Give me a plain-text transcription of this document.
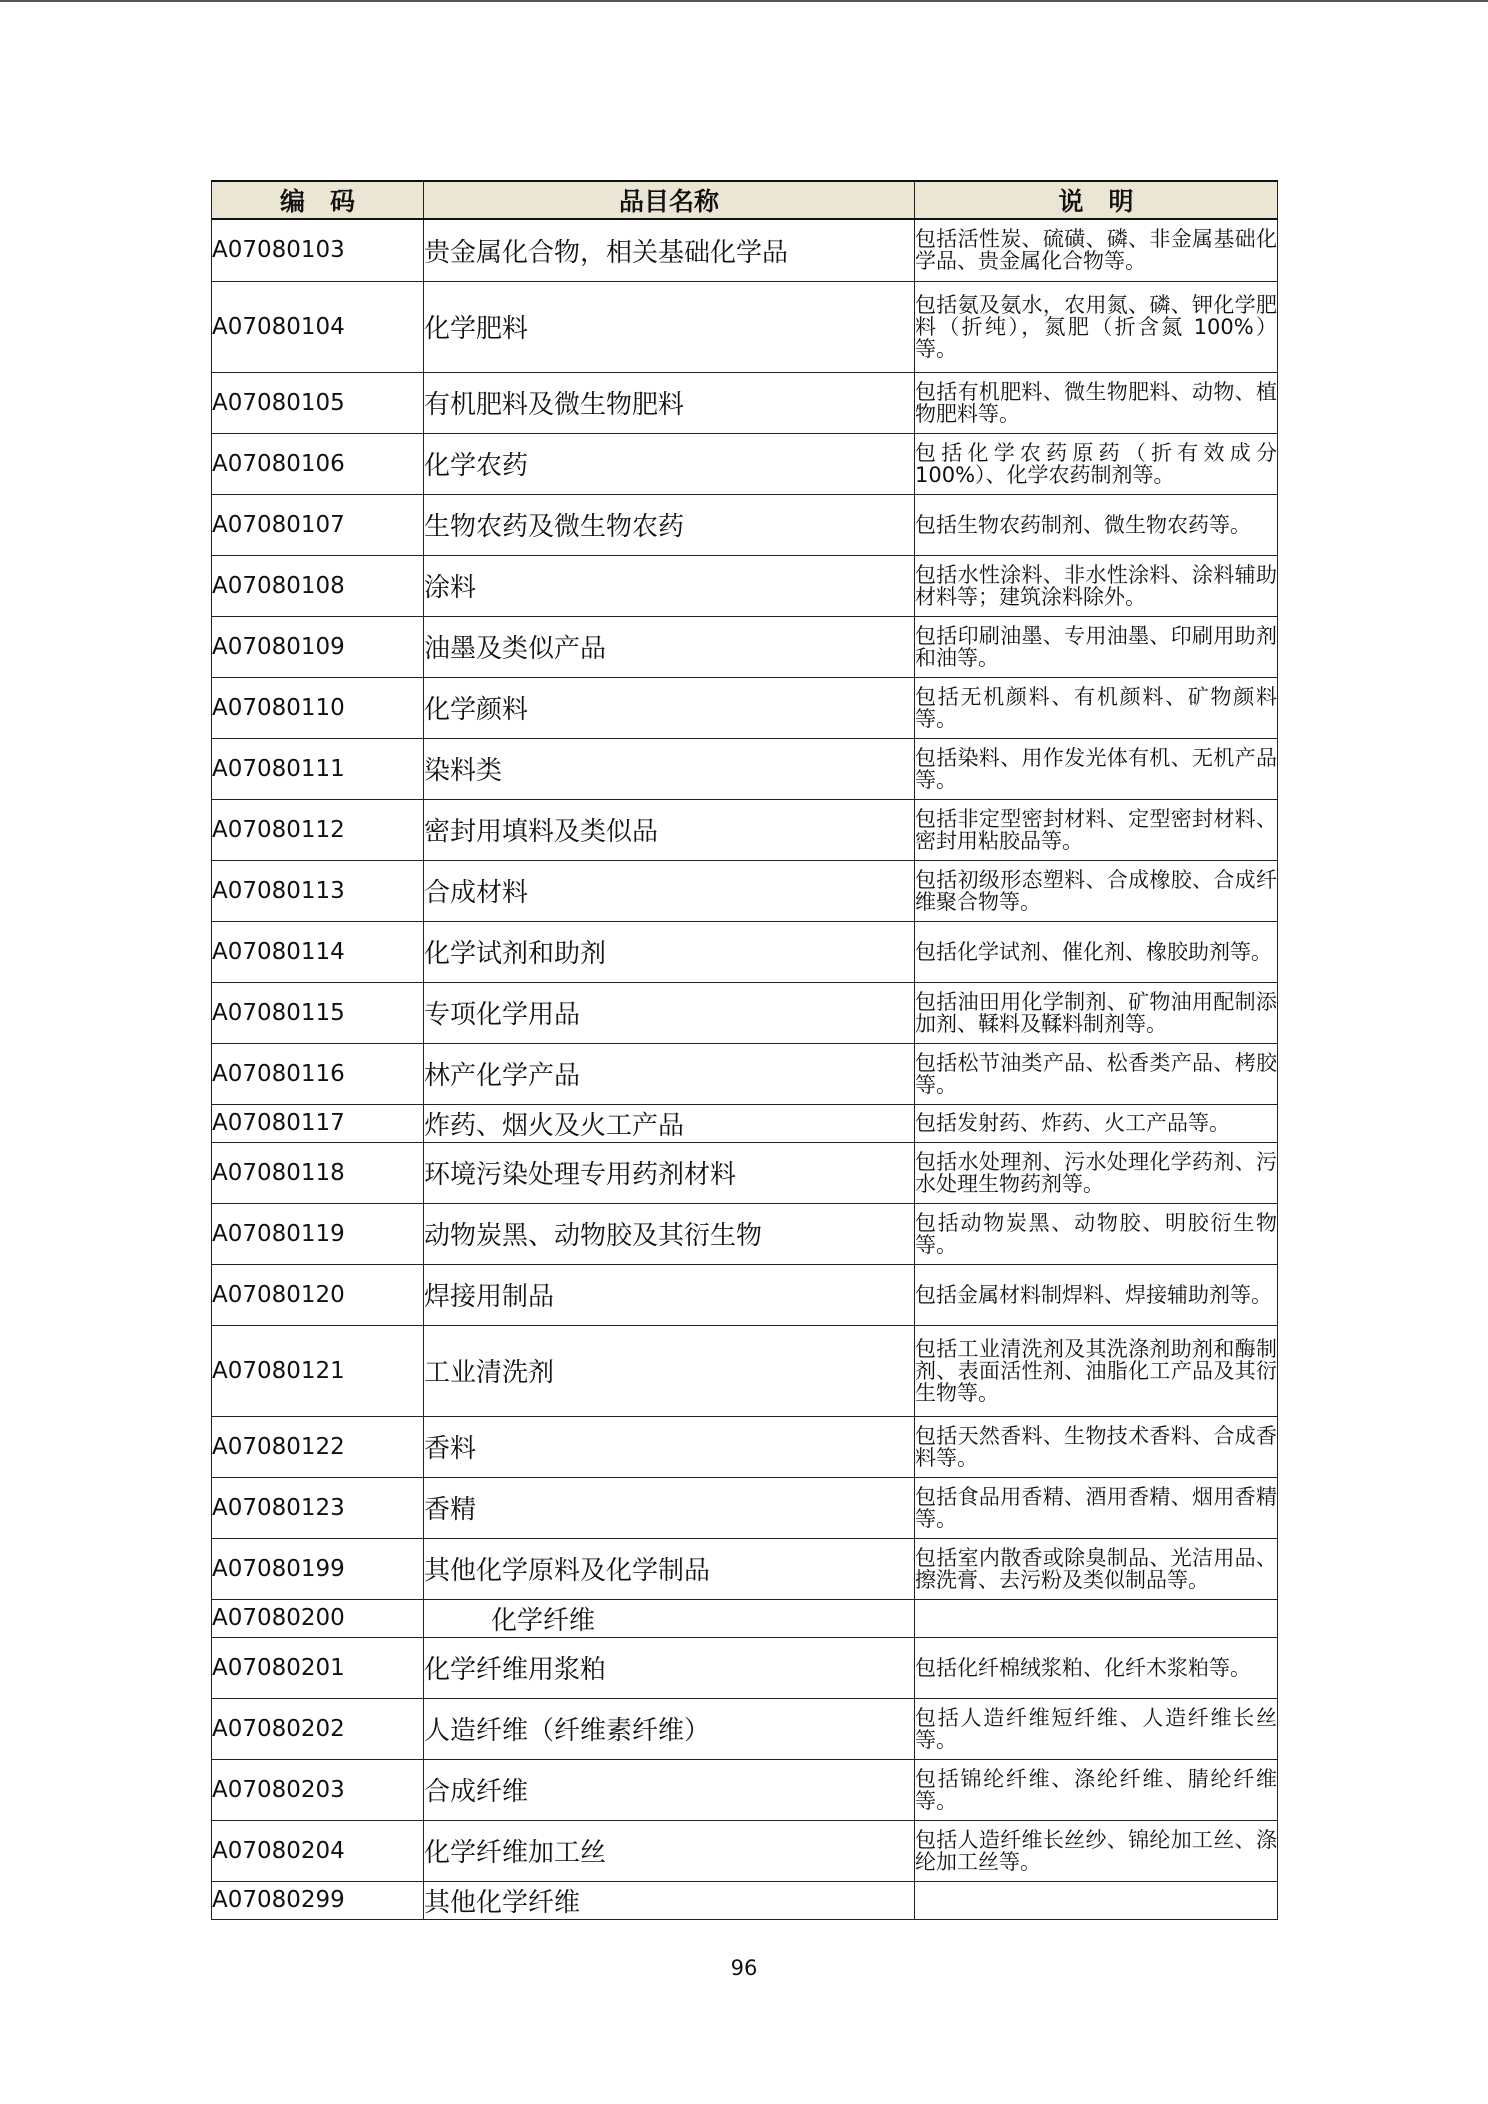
编　码	品目名称	说　明
A07080103	贵金属化合物，相关基础化学品	包括活性炭、硫磺、磷、非金属基础化学品、贵金属化合物等。
A07080104	化学肥料	包括氨及氨水，农用氮、磷、钾化学肥料（折纯），氮肥（折含氮 100%）等。
A07080105	有机肥料及微生物肥料	包括有机肥料、微生物肥料、动物、植物肥料等。
A07080106	化学农药	包括化学农药原药（折有效成分100%）、化学农药制剂等。
A07080107	生物农药及微生物农药	包括生物农药制剂、微生物农药等。
A07080108	涂料	包括水性涂料、非水性涂料、涂料辅助材料等；建筑涂料除外。
A07080109	油墨及类似产品	包括印刷油墨、专用油墨、印刷用助剂和油等。
A07080110	化学颜料	包括无机颜料、有机颜料、矿物颜料等。
A07080111	染料类	包括染料、用作发光体有机、无机产品等。
A07080112	密封用填料及类似品	包括非定型密封材料、定型密封材料、密封用粘胶品等。
A07080113	合成材料	包括初级形态塑料、合成橡胶、合成纤维聚合物等。
A07080114	化学试剂和助剂	包括化学试剂、催化剂、橡胶助剂等。
A07080115	专项化学用品	包括油田用化学制剂、矿物油用配制添加剂、鞣料及鞣料制剂等。
A07080116	林产化学产品	包括松节油类产品、松香类产品、栲胶等。
A07080117	炸药、烟火及火工产品	包括发射药、炸药、火工产品等。
A07080118	环境污染处理专用药剂材料	包括水处理剂、污水处理化学药剂、污水处理生物药剂等。
A07080119	动物炭黑、动物胶及其衍生物	包括动物炭黑、动物胶、明胶衍生物等。
A07080120	焊接用制品	包括金属材料制焊料、焊接辅助剂等。
A07080121	工业清洗剂	包括工业清洗剂及其洗涤剂助剂和酶制剂、表面活性剂、油脂化工产品及其衍生物等。
A07080122	香料	包括天然香料、生物技术香料、合成香料等。
A07080123	香精	包括食品用香精、酒用香精、烟用香精等。
A07080199	其他化学原料及化学制品	包括室内散香或除臭制品、光洁用品、擦洗膏、去污粉及类似制品等。
A07080200	化学纤维	
A07080201	化学纤维用浆粕	包括化纤棉绒浆粕、化纤木浆粕等。
A07080202	人造纤维（纤维素纤维）	包括人造纤维短纤维、人造纤维长丝等。
A07080203	合成纤维	包括锦纶纤维、涤纶纤维、腈纶纤维等。
A07080204	化学纤维加工丝	包括人造纤维长丝纱、锦纶加工丝、涤纶加工丝等。
A07080299	其他化学纤维	
96
